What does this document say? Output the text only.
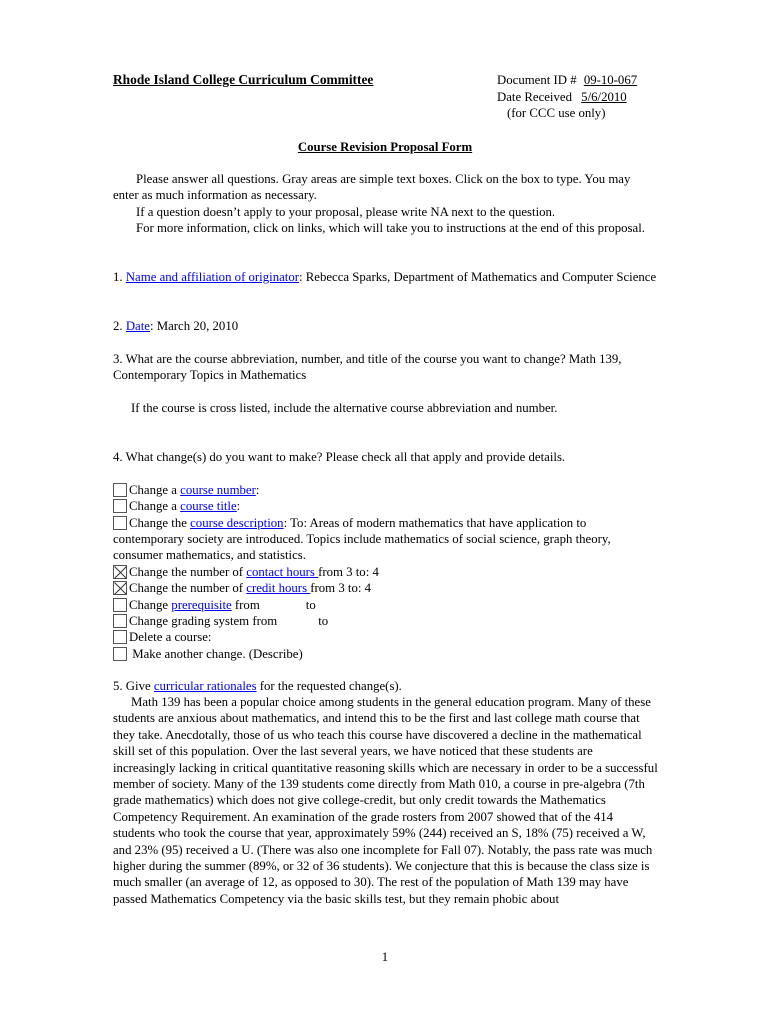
Rhode Island College Curriculum Committee	Document ID # 09-10-067
Date Received 5/6/2010
(for CCC use only)
Course Revision Proposal Form
Please answer all questions. Gray areas are simple text boxes. Click on the box to type. You may enter as much information as necessary.
If a question doesn’t apply to your proposal, please write NA next to the question.
For more information, click on links, which will take you to instructions at the end of this proposal.
1. Name and affiliation of originator: Rebecca Sparks, Department of Mathematics and Computer Science
2. Date: March 20, 2010
3. What are the course abbreviation, number, and title of the course you want to change? Math 139, Contemporary Topics in Mathematics
If the course is cross listed, include the alternative course abbreviation and number.
4. What change(s) do you want to make? Please check all that apply and provide details.
Change a course number:
Change a course title:
Change the course description: To: Areas of modern mathematics that have application to
contemporary society are introduced. Topics include mathematics of social science, graph theory, consumer mathematics, and statistics.
Change the number of contact hours from 3 to: 4
Change the number of credit hours from 3 to: 4
Change prerequisite from	to
Change grading system from	to
Delete a course:
Make another change. (Describe)
5. Give curricular rationales for the requested change(s).
Math 139 has been a popular choice among students in the general education program. Many of these students are anxious about mathematics, and intend this to be the first and last college math course that they take. Anecdotally, those of us who teach this course have discovered a decline in the mathematical skill set of this population. Over the last several years, we have noticed that these students are increasingly lacking in critical quantitative reasoning skills which are necessary in order to be a successful member of society. Many of the 139 students come directly from Math 010, a course in pre-algebra (7th grade mathematics) which does not give college-credit, but only credit towards the Mathematics Competency Requirement. An examination of the grade rosters from 2007 showed that of the 414 students who took the course that year, approximately 59% (244) received an S, 18% (75) received a W, and 23% (95) received a U. (There was also one incomplete for Fall 07). Notably, the pass rate was much higher during the summer (89%, or 32 of 36 students). We conjecture that this is because the class size is much smaller (an average of 12, as opposed to 30). The rest of the population of Math 139 may have passed Mathematics Competency via the basic skills test, but they remain phobic about
1
